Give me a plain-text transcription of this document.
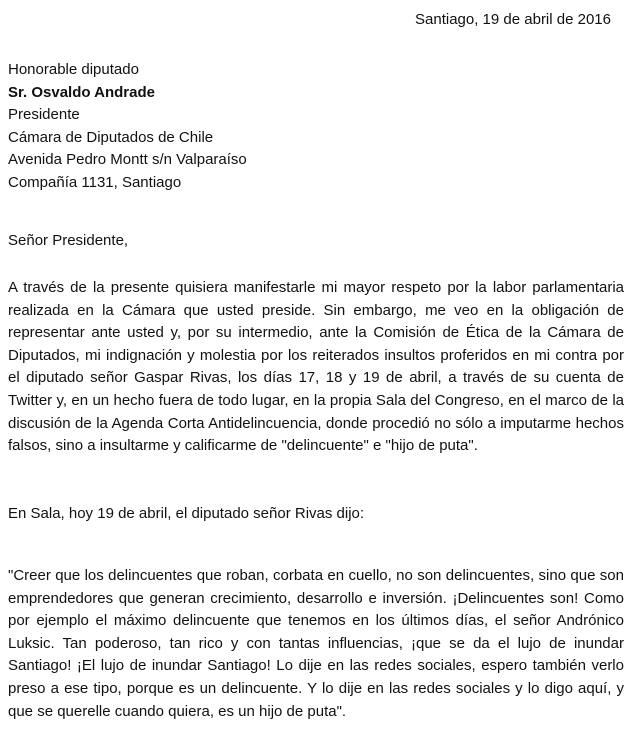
Santiago, 19 de abril de 2016
Honorable diputado
Sr. Osvaldo Andrade
Presidente
Cámara de Diputados de Chile
Avenida Pedro Montt s/n Valparaíso
Compañía 1131, Santiago
Señor Presidente,

A través de la presente quisiera manifestarle mi mayor respeto por la labor parlamentaria realizada en la Cámara que usted preside. Sin embargo, me veo en la obligación de representar ante usted y, por su intermedio, ante la Comisión de Ética de la Cámara de Diputados, mi indignación y molestia por los reiterados insultos proferidos en mi contra por el diputado señor Gaspar Rivas, los días 17, 18 y 19 de abril, a través de su cuenta de Twitter y, en un hecho fuera de todo lugar, en la propia Sala del Congreso, en el marco de la discusión de la Agenda Corta Antidelincuencia, donde procedió no sólo a imputarme hechos falsos, sino a insultarme y calificarme de "delincuente" e "hijo de puta".

En Sala, hoy 19 de abril, el diputado señor Rivas dijo:

"Creer que los delincuentes que roban, corbata en cuello, no son delincuentes, sino que son emprendedores que generan crecimiento, desarrollo e inversión. ¡Delincuentes son! Como por ejemplo el máximo delincuente que tenemos en los últimos días, el señor Andrónico Luksic. Tan poderoso, tan rico y con tantas influencias, ¡que se da el lujo de inundar Santiago! ¡El lujo de inundar Santiago! Lo dije en las redes sociales, espero también verlo preso a ese tipo, porque es un delincuente. Y lo dije en las redes sociales y lo digo aquí, y que se querelle cuando quiera, es un hijo de puta".
